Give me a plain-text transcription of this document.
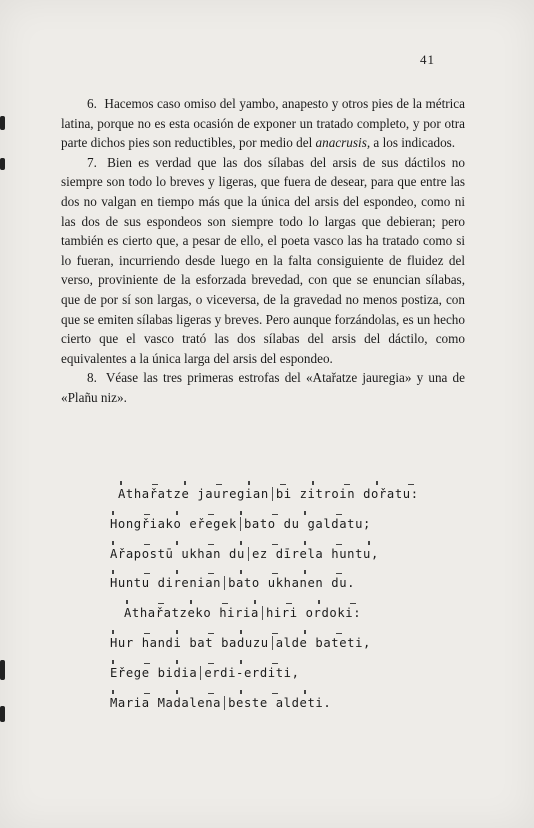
41

6. Hacemos caso omiso del yambo, anapesto y otros pies de la métrica latina, porque no es esta ocasión de exponer un tratado completo, y por otra parte dichos pies son reductibles, por medio del anacrusis, a los indicados.

7. Bien es verdad que las dos sílabas del arsis de sus dáctilos no siempre son todo lo breves y ligeras, que fuera de desear, para que entre las dos no valgan en tiempo más que la única del arsis del espondeo, como ni las dos de sus espondeos son siempre todo lo largas que debieran; pero también es cierto que, a pesar de ello, el poeta vasco las ha tratado como si lo fueran, incurriendo desde luego en la falta consiguiente de fluidez del verso, proviniente de la esforzada brevedad, con que se enuncian sílabas, que de por sí son largas, o viceversa, de la gravedad no menos postiza, con que se emiten sílabas ligeras y breves. Pero aunque forzándolas, es un hecho cierto que el vasco trató las dos sílabas del arsis del dáctilo, como equivalentes a la única larga del arsis del espondeo.

8. Véase las tres primeras estrofas del «Atařatze jauregia» y una de «Plañu niz».

Athařatze jauregian bi zitroin dořatu:
Hongřiako eřegek bato du galdatu;
Ařapostū ukhan du ez dīrela huntu,
Huntu direnian bato ukhanen du.
Athařatzeko hiria hiri ordoki:
Hur handi bat baduzu alde bateti,
Eřege bidia erdi-erditi,
Maria Madalena beste aldeti.
